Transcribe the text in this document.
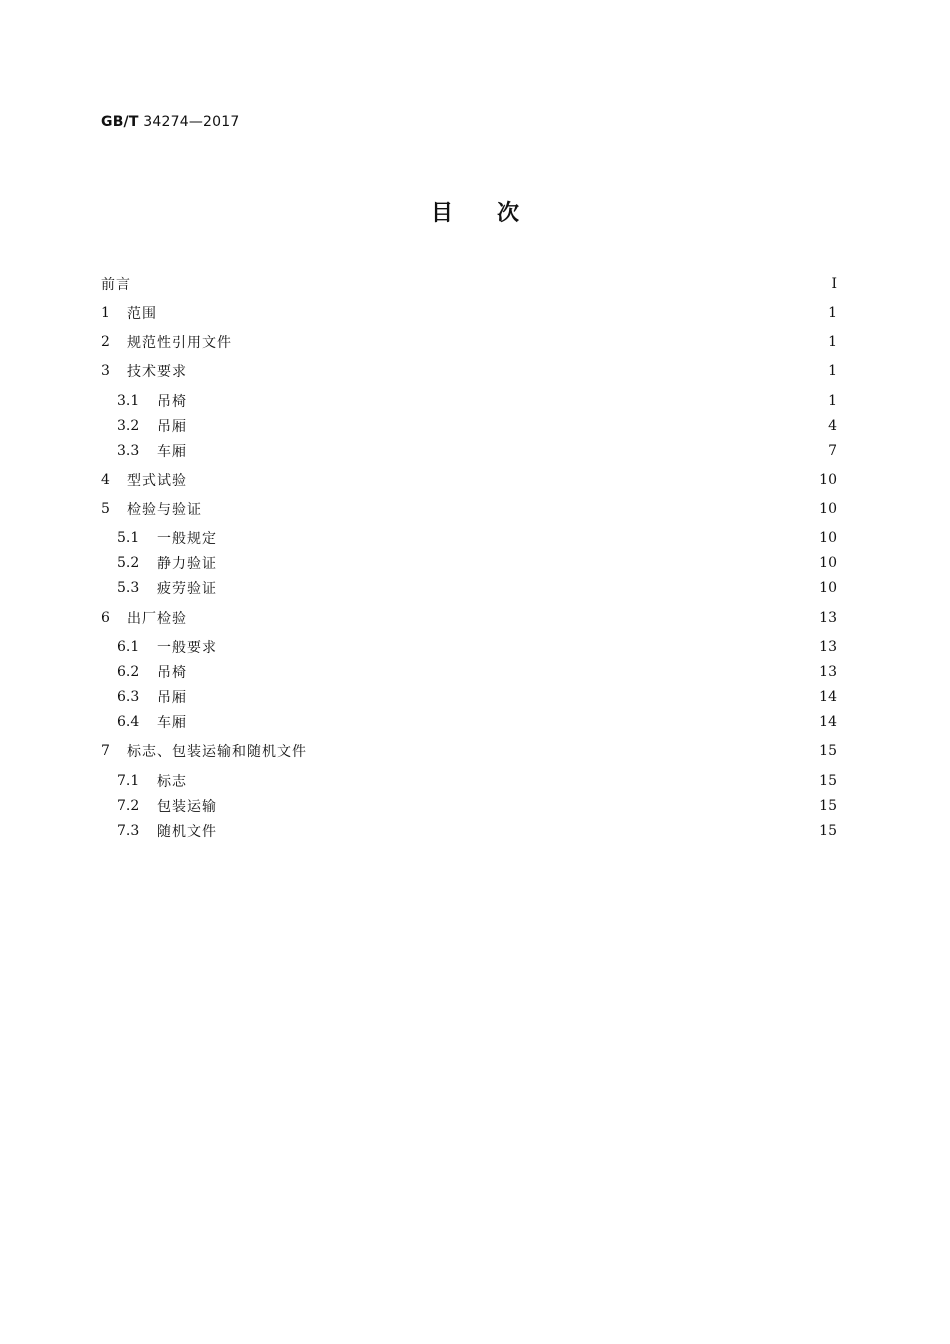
GB/T 34274—2017
目 次
前言	Ⅰ
1	范围	1
2	规范性引用文件	1
3	技术要求	1
3.1	吊椅	1
3.2	吊厢	4
3.3	车厢	7
4	型式试验	10
5	检验与验证	10
5.1	一般规定	10
5.2	静力验证	10
5.3	疲劳验证	10
6	出厂检验	13
6.1	一般要求	13
6.2	吊椅	13
6.3	吊厢	14
6.4	车厢	14
7	标志、包装运输和随机文件	15
7.1	标志	15
7.2	包装运输	15
7.3	随机文件	15
